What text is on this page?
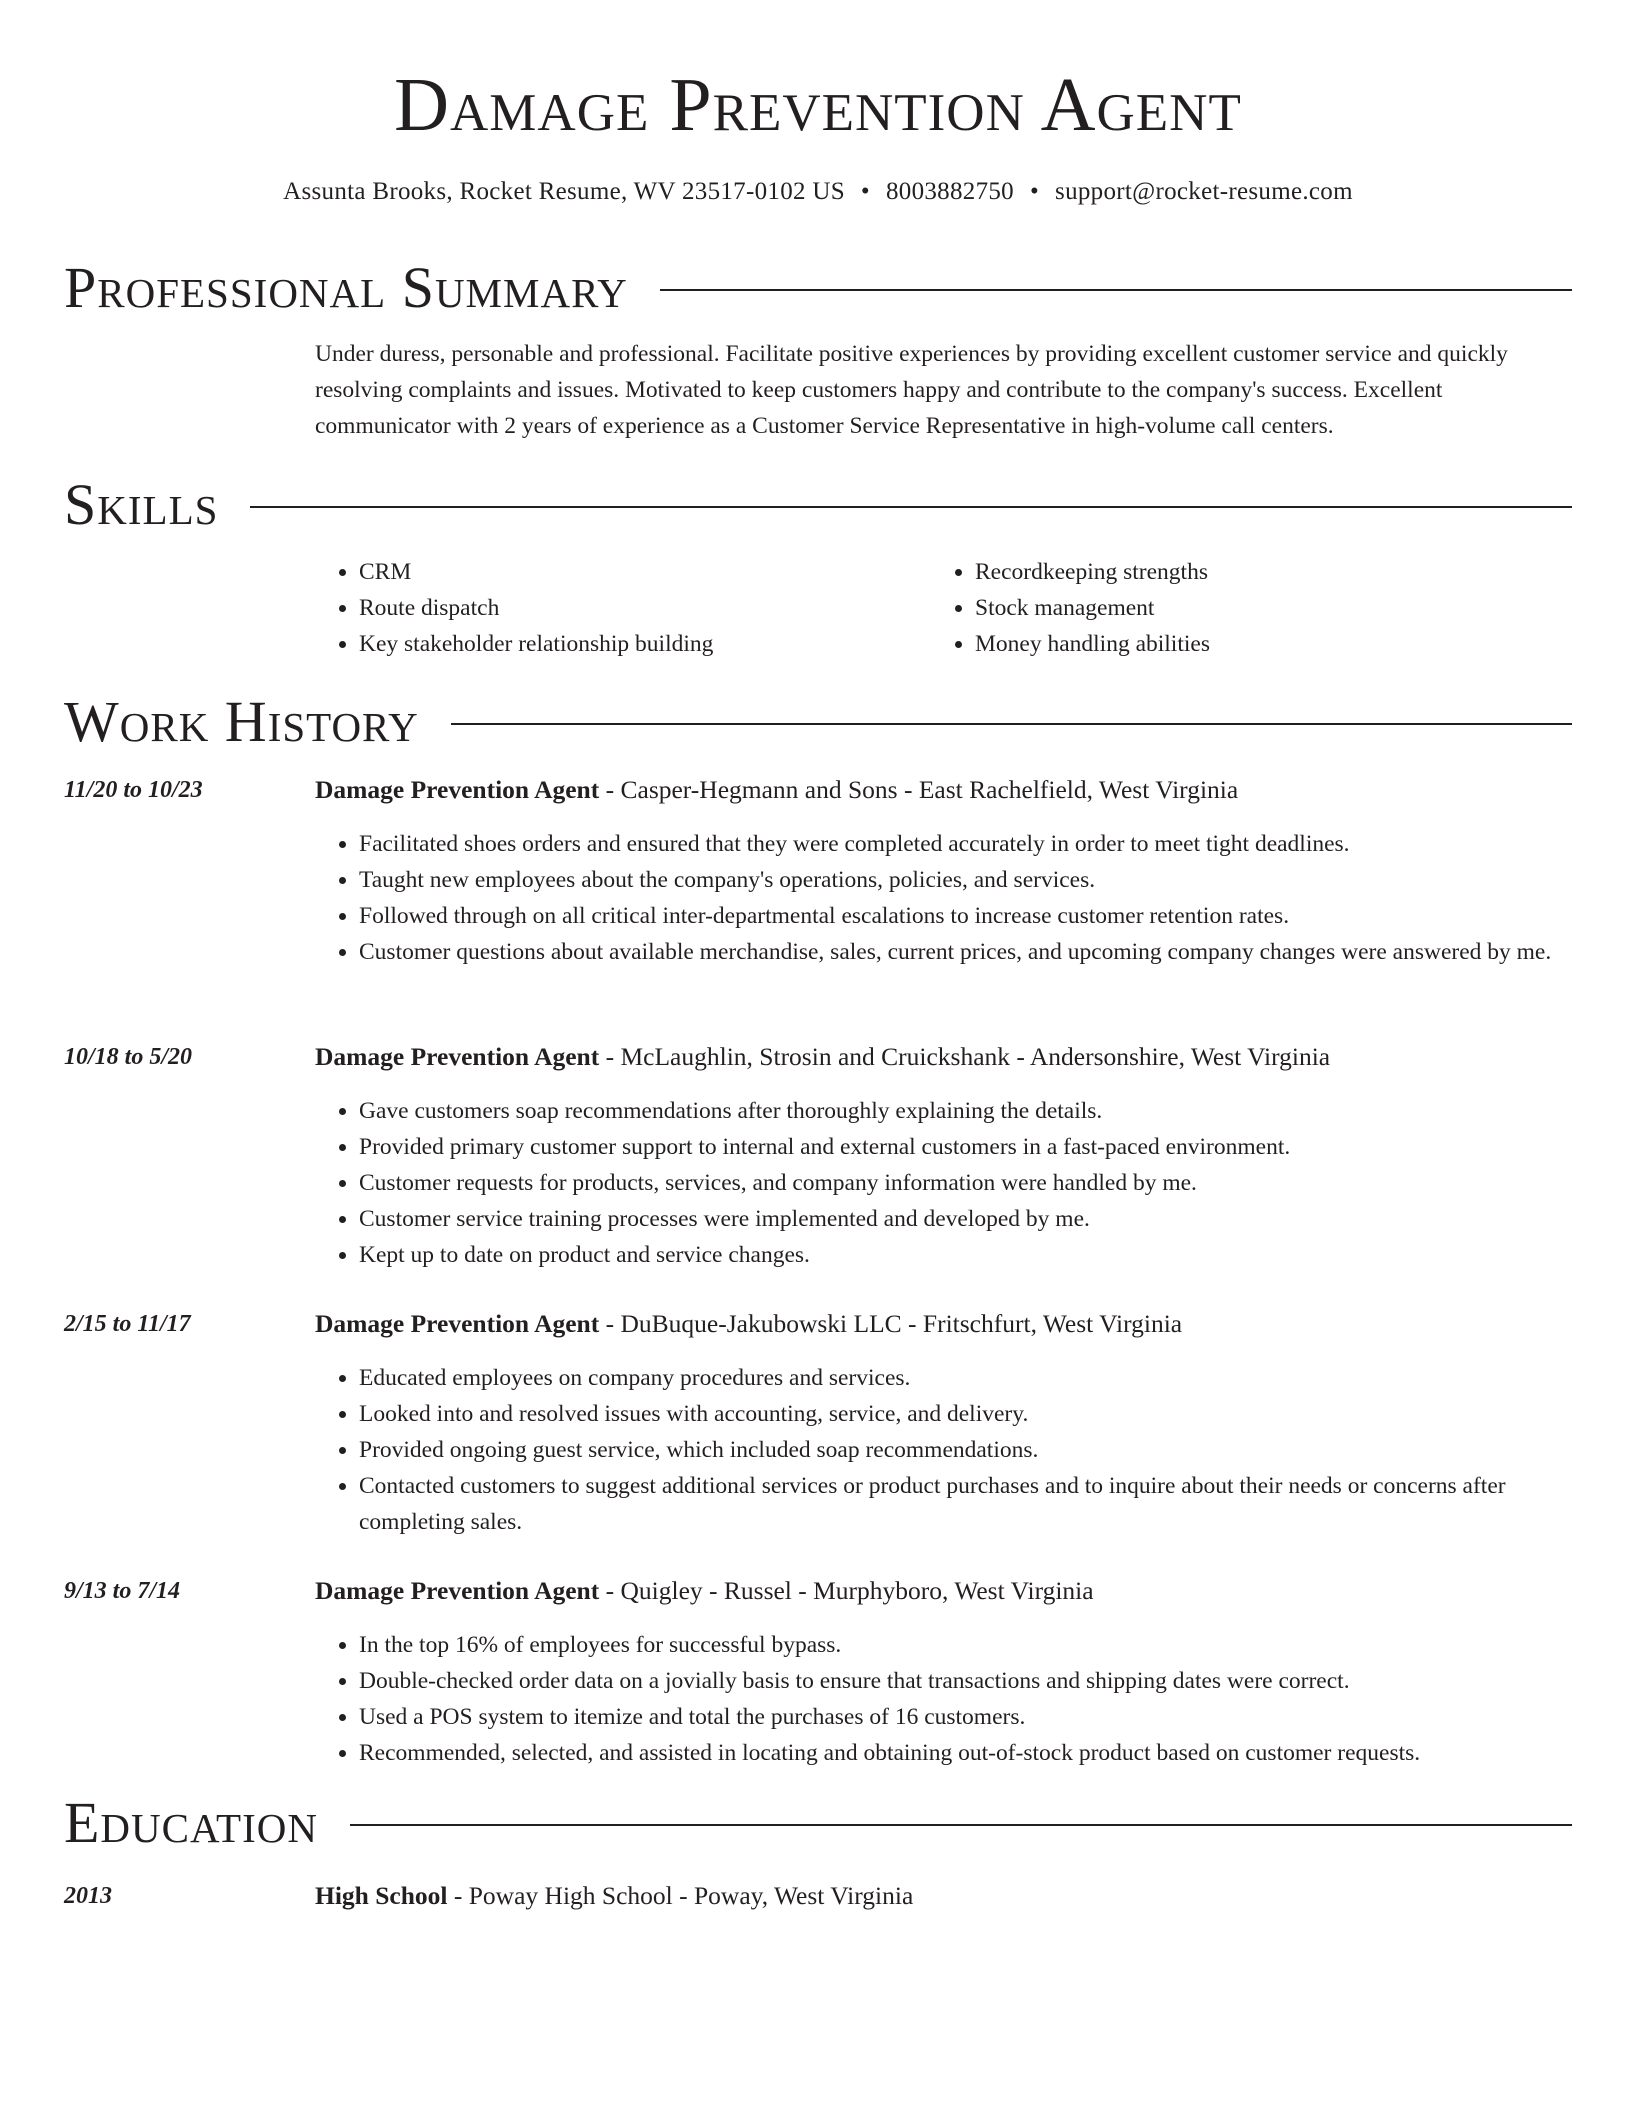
Damage Prevention Agent
Assunta Brooks, Rocket Resume, WV 23517-0102 US • 8003882750 • support@rocket-resume.com
Professional Summary
Under duress, personable and professional. Facilitate positive experiences by providing excellent customer service and quickly resolving complaints and issues. Motivated to keep customers happy and contribute to the company's success. Excellent communicator with 2 years of experience as a Customer Service Representative in high-volume call centers.
Skills
• CRM
• Route dispatch
• Key stakeholder relationship building
• Recordkeeping strengths
• Stock management
• Money handling abilities
Work History
11/20 to 10/23	Damage Prevention Agent - Casper-Hegmann and Sons - East Rachelfield, West Virginia
• Facilitated shoes orders and ensured that they were completed accurately in order to meet tight deadlines.
• Taught new employees about the company's operations, policies, and services.
• Followed through on all critical inter-departmental escalations to increase customer retention rates.
• Customer questions about available merchandise, sales, current prices, and upcoming company changes were answered by me.
10/18 to 5/20	Damage Prevention Agent - McLaughlin, Strosin and Cruickshank - Andersonshire, West Virginia
• Gave customers soap recommendations after thoroughly explaining the details.
• Provided primary customer support to internal and external customers in a fast-paced environment.
• Customer requests for products, services, and company information were handled by me.
• Customer service training processes were implemented and developed by me.
• Kept up to date on product and service changes.
2/15 to 11/17	Damage Prevention Agent - DuBuque-Jakubowski LLC - Fritschfurt, West Virginia
• Educated employees on company procedures and services.
• Looked into and resolved issues with accounting, service, and delivery.
• Provided ongoing guest service, which included soap recommendations.
• Contacted customers to suggest additional services or product purchases and to inquire about their needs or concerns after completing sales.
9/13 to 7/14	Damage Prevention Agent - Quigley - Russel - Murphyboro, West Virginia
• In the top 16% of employees for successful bypass.
• Double-checked order data on a jovially basis to ensure that transactions and shipping dates were correct.
• Used a POS system to itemize and total the purchases of 16 customers.
• Recommended, selected, and assisted in locating and obtaining out-of-stock product based on customer requests.
Education
2013	High School - Poway High School - Poway, West Virginia
